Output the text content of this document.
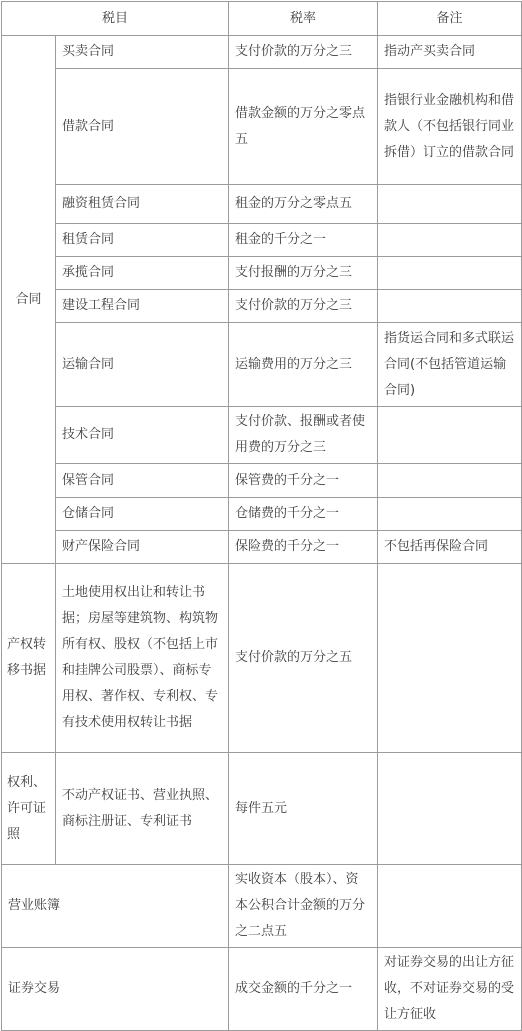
税目		税率	备注
合同	买卖合同	支付价款的万分之三	指动产买卖合同
	借款合同	借款金额的万分之零点五	指银行业金融机构和借款人（不包括银行同业拆借）订立的借款合同
	融资租赁合同	租金的万分之零点五	
	租赁合同	租金的千分之一	
	承揽合同	支付报酬的万分之三	
	建设工程合同	支付价款的万分之三	
	运输合同	运输费用的万分之三	指货运合同和多式联运合同(不包括管道运输合同)
	技术合同	支付价款、报酬或者使用费的万分之三	
	保管合同	保管费的千分之一	
	仓储合同	仓储费的千分之一	
	财产保险合同	保险费的千分之一	不包括再保险合同
产权转移书据	土地使用权出让和转让书据；房屋等建筑物、构筑物所有权、股权（不包括上市和挂牌公司股票）、商标专用权、著作权、专利权、专有技术使用权转让书据	支付价款的万分之五	
权利、许可证照	不动产权证书、营业执照、商标注册证、专利证书	每件五元	
营业账簿		实收资本（股本）、资本公积合计金额的万分之二点五	
证券交易		成交金额的千分之一	对证券交易的出让方征收，不对证券交易的受让方征收
